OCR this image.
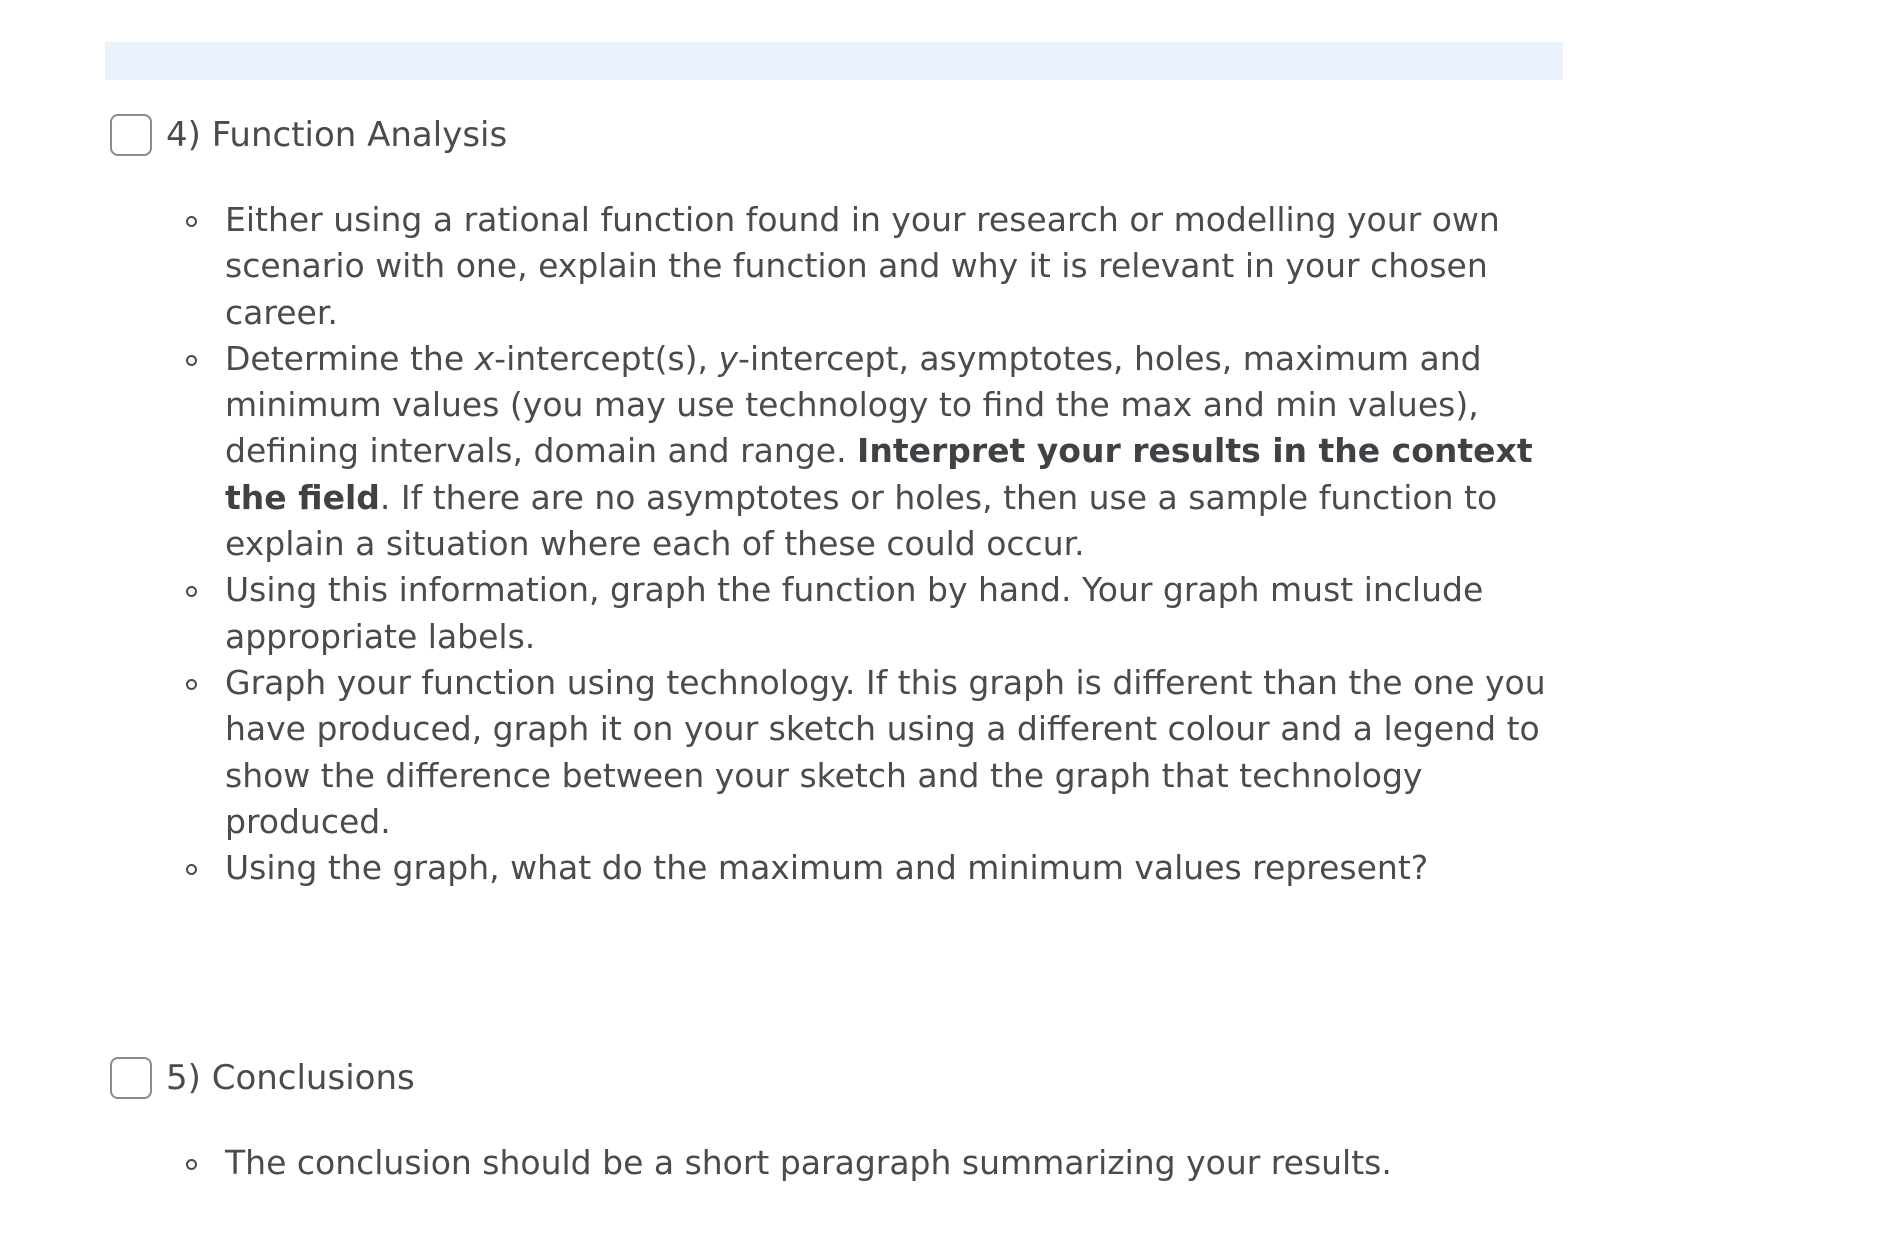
4) Function Analysis
Either using a rational function found in your research or modelling your own scenario with one, explain the function and why it is relevant in your chosen career.
Determine the x-intercept(s), y-intercept, asymptotes, holes, maximum and minimum values (you may use technology to find the max and min values), defining intervals, domain and range. Interpret your results in the context the field. If there are no asymptotes or holes, then use a sample function to explain a situation where each of these could occur.
Using this information, graph the function by hand. Your graph must include appropriate labels.
Graph your function using technology. If this graph is different than the one you have produced, graph it on your sketch using a different colour and a legend to show the difference between your sketch and the graph that technology produced.
Using the graph, what do the maximum and minimum values represent?
5) Conclusions
The conclusion should be a short paragraph summarizing your results.
